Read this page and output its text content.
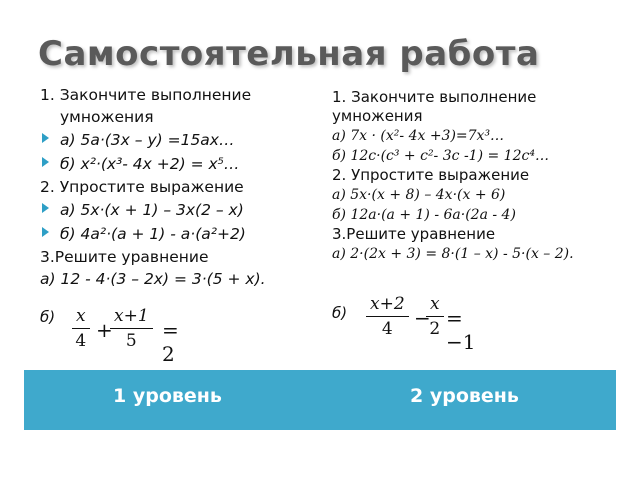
Самостоятельная работа
1. Закончите выполнение
умножения
а) 5а·(3х – у) =15ах…
б) х²·(х³- 4х +2) = х⁵…
2. Упростите выражение
а) 5х·(х + 1) – 3х(2 – х)
б) 4а²·(а + 1) - а·(а²+2)
3.Решите уравнение
а) 12 - 4·(3 – 2х) = 3·(5 + х).
$б) \frac{x}{4}$ +
$\frac{x+1}{5} = 2$
1. Закончите выполнение
умножения
а) 7х · (х²- 4х +3)=7х³…
б) 12с·(с³ + с²- 3с -1) = 12с⁴…
2. Упростите выражение
а) 5х·(х + 8) – 4х·(х + 6)
б) 12а·(а + 1) - 6а·(2а - 4)
3.Решите уравнение
а) 2·(2х + 3) = 8·(1 – х) - 5·(х – 2).
$б) \frac{x+2}{4}$ −
$\frac{x}{2} = -1$
1 уровень	2 уровень
